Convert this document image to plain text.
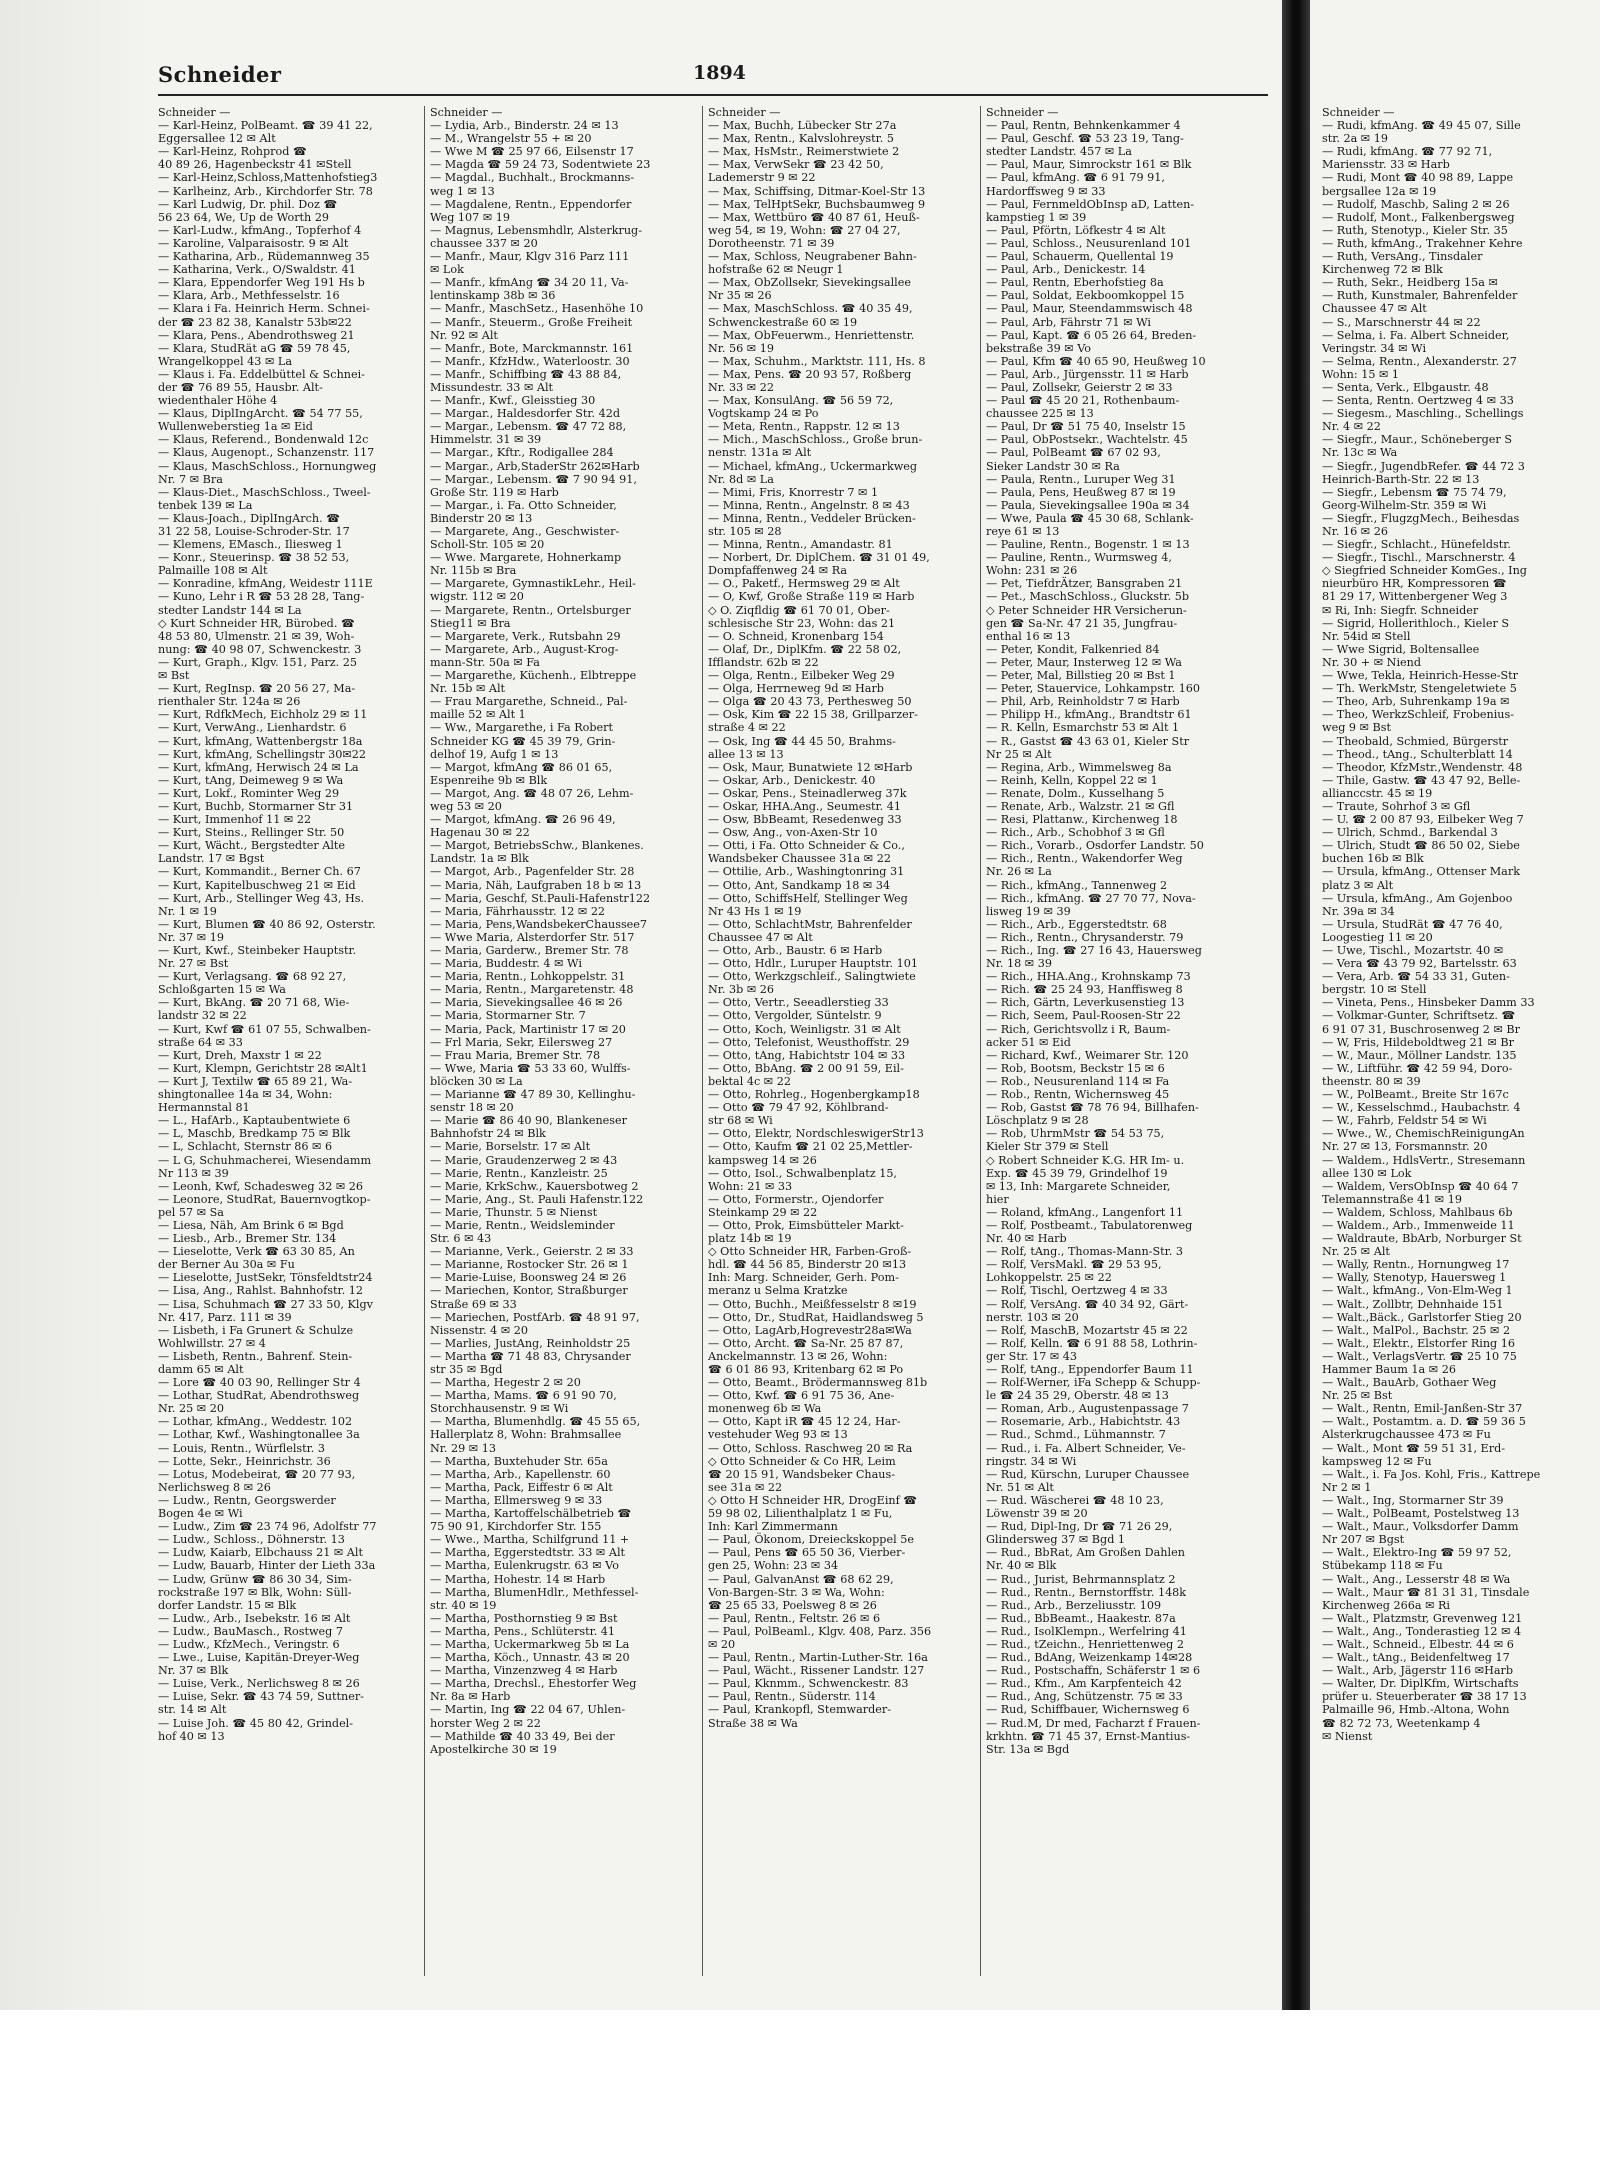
Schneider	1894
Schneider —
— Karl-Heinz, PolBeamt. ☎ 39 41 22,
Eggersallee 12 ✉ Alt
— Karl-Heinz, Rohprod ☎
40 89 26, Hagenbeckstr 41 ✉Stell
— Karl-Heinz,Schloss,Mattenhofstieg3
— Karlheinz, Arb., Kirchdorfer Str. 78
— Karl Ludwig, Dr. phil. Doz ☎
56 23 64, We, Up de Worth 29
— Karl-Ludw., kfmAng., Topferhof 4
— Karoline, Valparaisostr. 9 ✉ Alt
— Katharina, Arb., Rüdemannweg 35
— Katharina, Verk., O/Swaldstr. 41
— Klara, Eppendorfer Weg 191 Hs b
— Klara, Arb., Methfesselstr. 16
— Klara i Fa. Heinrich Herm. Schnei-
der ☎ 23 82 38, Kanalstr 53b✉22
— Klara, Pens., Abendrothsweg 21
— Klara, StudRät aG ☎ 59 78 45,
Wrangelkoppel 43 ✉ La
— Klaus i. Fa. Eddelbüttel & Schnei-
der ☎ 76 89 55, Hausbr. Alt-
wiedenthaler Höhe 4
— Klaus, DiplIngArcht. ☎ 54 77 55,
Wullenweberstieg 1a ✉ Eid
— Klaus, Referend., Bondenwald 12c
— Klaus, Augenopt., Schanzenstr. 117
— Klaus, MaschSchloss., Hornungweg
Nr. 7 ✉ Bra
— Klaus-Diet., MaschSchloss., Tweel-
tenbek 139 ✉ La
— Klaus-Joach., DiplIngArch. ☎
31 22 58, Louise-Schroder-Str. 17
— Klemens, EMasch., Iliesweg 1
— Konr., Steuerinsp. ☎ 38 52 53,
Palmaille 108 ✉ Alt
— Konradine, kfmAng, Weidestr 111E
— Kuno, Lehr i R ☎ 53 28 28, Tang-
stedter Landstr 144 ✉ La
◇ Kurt Schneider HR, Bürobed. ☎
48 53 80, Ulmenstr. 21 ✉ 39, Woh-
nung: ☎ 40 98 07, Schwenckestr. 3
— Kurt, Graph., Klgv. 151, Parz. 25
✉ Bst
— Kurt, RegInsp. ☎ 20 56 27, Ma-
rienthaler Str. 124a ✉ 26
— Kurt, RdfkMech, Eichholz 29 ✉ 11
— Kurt, VerwAng., Lienhardstr. 6
— Kurt, kfmAng, Wattenbergstr 18a
— Kurt, kfmAng, Schellingstr 30✉22
— Kurt, kfmAng, Herwisch 24 ✉ La
— Kurt, tAng, Deimeweg 9 ✉ Wa
— Kurt, Lokf., Rominter Weg 29
— Kurt, Buchb, Stormarner Str 31
— Kurt, Immenhof 11 ✉ 22
— Kurt, Steins., Rellinger Str. 50
— Kurt, Wächt., Bergstedter Alte
Landstr. 17 ✉ Bgst
— Kurt, Kommandit., Berner Ch. 67
— Kurt, Kapitelbuschweg 21 ✉ Eid
— Kurt, Arb., Stellinger Weg 43, Hs.
Nr. 1 ✉ 19
— Kurt, Blumen ☎ 40 86 92, Osterstr.
Nr. 37 ✉ 19
— Kurt, Kwf., Steinbeker Hauptstr.
Nr. 27 ✉ Bst
— Kurt, Verlagsang. ☎ 68 92 27,
Schloßgarten 15 ✉ Wa
— Kurt, BkAng. ☎ 20 71 68, Wie-
landstr 32 ✉ 22
— Kurt, Kwf ☎ 61 07 55, Schwalben-
straße 64 ✉ 33
— Kurt, Dreh, Maxstr 1 ✉ 22
— Kurt, Klempn, Gerichtstr 28 ✉Alt1
— Kurt J, Textilw ☎ 65 89 21, Wa-
shingtonallee 14a ✉ 34, Wohn:
Hermannstal 81
— L., HafArb., Kaptaubentwiete 6
— L, Maschb, Bredkamp 75 ✉ Blk
— L, Schlacht, Sternstr 86 ✉ 6
— L G, Schuhmacherei, Wiesendamm
Nr 113 ✉ 39
— Leonh, Kwf, Schadesweg 32 ✉ 26
— Leonore, StudRat, Bauernvogtkop-
pel 57 ✉ Sa
— Liesa, Näh, Am Brink 6 ✉ Bgd
— Liesb., Arb., Bremer Str. 134
— Lieselotte, Verk ☎ 63 30 85, An
der Berner Au 30a ✉ Fu
— Lieselotte, JustSekr, Tönsfeldtstr24
— Lisa, Ang., Rahlst. Bahnhofstr. 12
— Lisa, Schuhmach ☎ 27 33 50, Klgv
Nr. 417, Parz. 111 ✉ 39
— Lisbeth, i Fa Grunert & Schulze
Wohlwillstr. 27 ✉ 4
— Lisbeth, Rentn., Bahrenf. Stein-
damm 65 ✉ Alt
— Lore ☎ 40 03 90, Rellinger Str 4
— Lothar, StudRat, Abendrothsweg
Nr. 25 ✉ 20
— Lothar, kfmAng., Weddestr. 102
— Lothar, Kwf., Washingtonallee 3a
— Louis, Rentn., Würflelstr. 3
— Lotte, Sekr., Heinrichstr. 36
— Lotus, Modebeirat, ☎ 20 77 93,
Nerlichsweg 8 ✉ 26
— Ludw., Rentn, Georgswerder
Bogen 4e ✉ Wi
— Ludw., Zim ☎ 23 74 96, Adolfstr 77
— Ludw., Schloss., Döhnerstr. 13
— Ludw, Kaiarb, Elbchauss 21 ✉ Alt
— Ludw, Bauarb, Hinter der Lieth 33a
— Ludw, Grünw ☎ 86 30 34, Sim-
rockstraße 197 ✉ Blk, Wohn: Süll-
dorfer Landstr. 15 ✉ Blk
— Ludw., Arb., Isebekstr. 16 ✉ Alt
— Ludw., BauMasch., Rostweg 7
— Ludw., KfzMech., Veringstr. 6
— Lwe., Luise, Kapitän-Dreyer-Weg
Nr. 37 ✉ Blk
— Luise, Verk., Nerlichsweg 8 ✉ 26
— Luise, Sekr. ☎ 43 74 59, Suttner-
str. 14 ✉ Alt
— Luise Joh. ☎ 45 80 42, Grindel-
hof 40 ✉ 13
Schneider —
— Lydia, Arb., Binderstr. 24 ✉ 13
— M., Wrangelstr 55 + ✉ 20
— Wwe M ☎ 25 97 66, Eilsenstr 17
— Magda ☎ 59 24 73, Sodentwiete 23
— Magdal., Buchhalt., Brockmanns-
weg 1 ✉ 13
— Magdalene, Rentn., Eppendorfer
Weg 107 ✉ 19
— Magnus, Lebensmhdlr, Alsterkrug-
chaussee 337 ✉ 20
— Manfr., Maur, Klgv 316 Parz 111
✉ Lok
— Manfr., kfmAng ☎ 34 20 11, Va-
lentinskamp 38b ✉ 36
— Manfr., MaschSetz., Hasenhöhe 10
— Manfr., Steuerm., Große Freiheit
Nr. 92 ✉ Alt
— Manfr., Bote, Marckmannstr. 161
— Manfr., KfzHdw., Waterloostr. 30
— Manfr., Schiffbing ☎ 43 88 84,
Missundestr. 33 ✉ Alt
— Manfr., Kwf., Gleisstieg 30
— Margar., Haldesdorfer Str. 42d
— Margar., Lebensm. ☎ 47 72 88,
Himmelstr. 31 ✉ 39
— Margar., Kftr., Rodigallee 284
— Margar., Arb,StaderStr 262✉Harb
— Margar., Lebensm. ☎ 7 90 94 91,
Große Str. 119 ✉ Harb
— Margar., i. Fa. Otto Schneider,
Binderstr 20 ✉ 13
— Margarete, Ang., Geschwister-
Scholl-Str. 105 ✉ 20
— Wwe. Margarete, Hohnerkamp
Nr. 115b ✉ Bra
— Margarete, GymnastikLehr., Heil-
wigstr. 112 ✉ 20
— Margarete, Rentn., Ortelsburger
Stieg11 ✉ Bra
— Margarete, Verk., Rutsbahn 29
— Margarete, Arb., August-Krog-
mann-Str. 50a ✉ Fa
— Margarethe, Küchenh., Elbtreppe
Nr. 15b ✉ Alt
— Frau Margarethe, Schneid., Pal-
maille 52 ✉ Alt 1
— Ww., Margarethe, i Fa Robert
Schneider KG ☎ 45 39 79, Grin-
delhof 19, Aufg 1 ✉ 13
— Margot, kfmAng ☎ 86 01 65,
Espenreihe 9b ✉ Blk
— Margot, Ang. ☎ 48 07 26, Lehm-
weg 53 ✉ 20
— Margot, kfmAng. ☎ 26 96 49,
Hagenau 30 ✉ 22
— Margot, BetriebsSchw., Blankenes.
Landstr. 1a ✉ Blk
— Margot, Arb., Pagenfelder Str. 28
— Maria, Näh, Laufgraben 18 b ✉ 13
— Maria, Geschf, St.Pauli-Hafenstr122
— Maria, Fährhausstr. 12 ✉ 22
— Maria, Pens,WandsbekerChaussee7
— Wwe Maria, Alsterdorfer Str. 517
— Maria, Garderw., Bremer Str. 78
— Maria, Buddestr. 4 ✉ Wi
— Maria, Rentn., Lohkoppelstr. 31
— Maria, Rentn., Margaretenstr. 48
— Maria, Sievekingsallee 46 ✉ 26
— Maria, Stormarner Str. 7
— Maria, Pack, Martinistr 17 ✉ 20
— Frl Maria, Sekr, Eilersweg 27
— Frau Maria, Bremer Str. 78
— Wwe, Maria ☎ 53 33 60, Wulffs-
blöcken 30 ✉ La
— Marianne ☎ 47 89 30, Kellinghu-
senstr 18 ✉ 20
— Marie ☎ 86 40 90, Blankeneser
Bahnhofstr 24 ✉ Blk
— Marie, Borselstr. 17 ✉ Alt
— Marie, Graudenzerweg 2 ✉ 43
— Marie, Rentn., Kanzleistr. 25
— Marie, KrkSchw., Kauersbotweg 2
— Marie, Ang., St. Pauli Hafenstr.122
— Marie, Thunstr. 5 ✉ Nienst
— Marie, Rentn., Weidsleminder
Str. 6 ✉ 43
— Marianne, Verk., Geierstr. 2 ✉ 33
— Marianne, Rostocker Str. 26 ✉ 1
— Marie-Luise, Boonsweg 24 ✉ 26
— Mariechen, Kontor, Straßburger
Straße 69 ✉ 33
— Mariechen, PostfArb. ☎ 48 91 97,
Nissenstr. 4 ✉ 20
— Marlies, JustAng, Reinholdstr 25
— Martha ☎ 71 48 83, Chrysander
str 35 ✉ Bgd
— Martha, Hegestr 2 ✉ 20
— Martha, Mams. ☎ 6 91 90 70,
Storchhausenstr. 9 ✉ Wi
— Martha, Blumenhdlg. ☎ 45 55 65,
Hallerplatz 8, Wohn: Brahmsallee
Nr. 29 ✉ 13
— Martha, Buxtehuder Str. 65a
— Martha, Arb., Kapellenstr. 60
— Martha, Pack, Eiffestr 6 ✉ Alt
— Martha, Ellmersweg 9 ✉ 33
— Martha, Kartoffelschälbetrieb ☎
75 90 91, Kirchdorfer Str. 155
— Wwe., Martha, Schilfgrund 11 +
— Martha, Eggerstedtstr. 33 ✉ Alt
— Martha, Eulenkrugstr. 63 ✉ Vo
— Martha, Hohestr. 14 ✉ Harb
— Martha, BlumenHdlr., Methfessel-
str. 40 ✉ 19
— Martha, Posthornstieg 9 ✉ Bst
— Martha, Pens., Schlüterstr. 41
— Martha, Uckermarkweg 5b ✉ La
— Martha, Köch., Unnastr. 43 ✉ 20
— Martha, Vinzenzweg 4 ✉ Harb
— Martha, Drechsl., Ehestorfer Weg
Nr. 8a ✉ Harb
— Martin, Ing ☎ 22 04 67, Uhlen-
horster Weg 2 ✉ 22
— Mathilde ☎ 40 33 49, Bei der
Apostelkirche 30 ✉ 19
Schneider —
— Max, Buchh, Lübecker Str 27a
— Max, Rentn., Kalvslohreystr. 5
— Max, HsMstr., Reimerstwiete 2
— Max, VerwSekr ☎ 23 42 50,
Lademerstr 9 ✉ 22
— Max, Schiffsing, Ditmar-Koel-Str 13
— Max, TelHptSekr, Buchsbaumweg 9
— Max, Wettbüro ☎ 40 87 61, Heuß-
weg 54, ✉ 19, Wohn: ☎ 27 04 27,
Dorotheenstr. 71 ✉ 39
— Max, Schloss, Neugrabener Bahn-
hofstraße 62 ✉ Neugr 1
— Max, ObZollsekr, Sievekingsallee
Nr 35 ✉ 26
— Max, MaschSchloss. ☎ 40 35 49,
Schwenckestraße 60 ✉ 19
— Max, ObFeuerwm., Henriettenstr.
Nr. 56 ✉ 19
— Max, Schuhm., Marktstr. 111, Hs. 8
— Max, Pens. ☎ 20 93 57, Roßberg
Nr. 33 ✉ 22
— Max, KonsulAng. ☎ 56 59 72,
Vogtskamp 24 ✉ Po
— Meta, Rentn., Rappstr. 12 ✉ 13
— Mich., MaschSchloss., Große brun-
nenstr. 131a ✉ Alt
— Michael, kfmAng., Uckermarkweg
Nr. 8d ✉ La
— Mimi, Fris, Knorrestr 7 ✉ 1
— Minna, Rentn., Angelnstr. 8 ✉ 43
— Minna, Rentn., Veddeler Brücken-
str. 105 ✉ 28
— Minna, Rentn., Amandastr. 81
— Norbert, Dr. DiplChem. ☎ 31 01 49,
Dompfaffenweg 24 ✉ Ra
— O., Paketf., Hermsweg 29 ✉ Alt
— O, Kwf, Große Straße 119 ✉ Harb
◇ O. Ziqfldig ☎ 61 70 01, Ober-
schlesische Str 23, Wohn: das 21
— O. Schneid, Kronenbarg 154
— Olaf, Dr., DiplKfm. ☎ 22 58 02,
Ifflandstr. 62b ✉ 22
— Olga, Rentn., Eilbeker Weg 29
— Olga, Herrneweg 9d ✉ Harb
— Olga ☎ 20 43 73, Perthesweg 50
— Osk, Kim ☎ 22 15 38, Grillparzer-
straße 4 ✉ 22
— Osk, Ing ☎ 44 45 50, Brahms-
allee 13 ✉ 13
— Osk, Maur, Bunatwiete 12 ✉Harb
— Oskar, Arb., Denickestr. 40
— Oskar, Pens., Steinadlerweg 37k
— Oskar, HHA.Ang., Seumestr. 41
— Osw, BbBeamt, Resedenweg 33
— Osw, Ang., von-Axen-Str 10
— Otti, i Fa. Otto Schneider & Co.,
Wandsbeker Chaussee 31a ✉ 22
— Ottilie, Arb., Washingtonring 31
— Otto, Ant, Sandkamp 18 ✉ 34
— Otto, SchiffsHelf, Stellinger Weg
Nr 43 Hs 1 ✉ 19
— Otto, SchlachtMstr, Bahrenfelder
Chaussee 47 ✉ Alt
— Otto, Arb., Baustr. 6 ✉ Harb
— Otto, Hdlr., Luruper Hauptstr. 101
— Otto, Werkzgschleif., Salingtwiete
Nr. 3b ✉ 26
— Otto, Vertr., Seeadlerstieg 33
— Otto, Vergolder, Süntelstr. 9
— Otto, Koch, Weinligstr. 31 ✉ Alt
— Otto, Telefonist, Weusthoffstr. 29
— Otto, tAng, Habichtstr 104 ✉ 33
— Otto, BbAng. ☎ 2 00 91 59, Eil-
bektal 4c ✉ 22
— Otto, Rohrleg., Hogenbergkamp18
— Otto ☎ 79 47 92, Köhlbrand-
str 68 ✉ Wi
— Otto, Elektr, NordschleswigerStr13
— Otto, Kaufm ☎ 21 02 25,Mettler-
kampsweg 14 ✉ 26
— Otto, Isol., Schwalbenplatz 15,
Wohn: 21 ✉ 33
— Otto, Formerstr., Ojendorfer
Steinkamp 29 ✉ 22
— Otto, Prok, Eimsbütteler Markt-
platz 14b ✉ 19
◇ Otto Schneider HR, Farben-Groß-
hdl. ☎ 44 56 85, Binderstr 20 ✉13
Inh: Marg. Schneider, Gerh. Pom-
meranz u Selma Kratzke
— Otto, Buchh., Meißfesselstr 8 ✉19
— Otto, Dr., StudRat, Haidlandsweg 5
— Otto, LagArb,Hogrevestr28a✉Wa
— Otto, Archt. ☎ Sa-Nr. 25 87 87,
Anckelmannstr. 13 ✉ 26, Wohn:
☎ 6 01 86 93, Kritenbarg 62 ✉ Po
— Otto, Beamt., Brödermannsweg 81b
— Otto, Kwf. ☎ 6 91 75 36, Ane-
monenweg 6b ✉ Wa
— Otto, Kapt iR ☎ 45 12 24, Har-
vestehuder Weg 93 ✉ 13
— Otto, Schloss. Raschweg 20 ✉ Ra
◇ Otto Schneider & Co HR, Leim
☎ 20 15 91, Wandsbeker Chaus-
see 31a ✉ 22
◇ Otto H Schneider HR, DrogEinf ☎
59 98 02, Lilienthalplatz 1 ✉ Fu,
Inh: Karl Zimmermann
— Paul, Ökonom, Dreieckskoppel 5e
— Paul, Pens ☎ 65 50 36, Vierber-
gen 25, Wohn: 23 ✉ 34
— Paul, GalvanAnst ☎ 68 62 29,
Von-Bargen-Str. 3 ✉ Wa, Wohn:
☎ 25 65 33, Poelsweg 8 ✉ 26
— Paul, Rentn., Feltstr. 26 ✉ 6
— Paul, PolBeaml., Klgv. 408, Parz. 356
✉ 20
— Paul, Rentn., Martin-Luther-Str. 16a
— Paul, Wächt., Rissener Landstr. 127
— Paul, Kknmm., Schwenckestr. 83
— Paul, Rentn., Süderstr. 114
— Paul, Krankopfl, Stemwarder-
Straße 38 ✉ Wa
Schneider —
— Paul, Rentn, Behnkenkammer 4
— Paul, Geschf. ☎ 53 23 19, Tang-
stedter Landstr. 457 ✉ La
— Paul, Maur, Simrockstr 161 ✉ Blk
— Paul, kfmAng. ☎ 6 91 79 91,
Hardorffsweg 9 ✉ 33
— Paul, FernmeldObInsp aD, Latten-
kampstieg 1 ✉ 39
— Paul, Pförtn, Löfkestr 4 ✉ Alt
— Paul, Schloss., Neusurenland 101
— Paul, Schauerm, Quellental 19
— Paul, Arb., Denickestr. 14
— Paul, Rentn, Eberhofstieg 8a
— Paul, Soldat, Eekboomkoppel 15
— Paul, Maur, Steendammswisch 48
— Paul, Arb, Fährstr 71 ✉ Wi
— Paul, Kapt. ☎ 6 05 26 64, Breden-
bekstraße 39 ✉ Vo
— Paul, Kfm ☎ 40 65 90, Heußweg 10
— Paul, Arb., Jürgensstr. 11 ✉ Harb
— Paul, Zollsekr, Geierstr 2 ✉ 33
— Paul ☎ 45 20 21, Rothenbaum-
chaussee 225 ✉ 13
— Paul, Dr ☎ 51 75 40, Inselstr 15
— Paul, ObPostsekr., Wachtelstr. 45
— Paul, PolBeamt ☎ 67 02 93,
Sieker Landstr 30 ✉ Ra
— Paula, Rentn., Luruper Weg 31
— Paula, Pens, Heußweg 87 ✉ 19
— Paula, Sievekingsallee 190a ✉ 34
— Wwe, Paula ☎ 45 30 68, Schlank-
reye 61 ✉ 13
— Pauline, Rentn., Bogenstr. 1 ✉ 13
— Pauline, Rentn., Wurmsweg 4,
Wohn: 231 ✉ 26
— Pet, TiefdrÄtzer, Bansgraben 21
— Pet., MaschSchloss., Gluckstr. 5b
◇ Peter Schneider HR Versicherun-
gen ☎ Sa-Nr. 47 21 35, Jungfrau-
enthal 16 ✉ 13
— Peter, Kondit, Falkenried 84
— Peter, Maur, Insterweg 12 ✉ Wa
— Peter, Mal, Billstieg 20 ✉ Bst 1
— Peter, Stauervice, Lohkampstr. 160
— Phil, Arb, Reinholdstr 7 ✉ Harb
— Philipp H., kfmAng., Brandtstr 61
— R. Kelln, Esmarchstr 53 ✉ Alt 1
— R., Gastst ☎ 43 63 01, Kieler Str
Nr 25 ✉ Alt
— Regina, Arb., Wimmelsweg 8a
— Reinh, Kelln, Koppel 22 ✉ 1
— Renate, Dolm., Kusselhang 5
— Renate, Arb., Walzstr. 21 ✉ Gfl
— Resi, Plattanw., Kirchenweg 18
— Rich., Arb., Schobhof 3 ✉ Gfl
— Rich., Vorarb., Osdorfer Landstr. 50
— Rich., Rentn., Wakendorfer Weg
Nr. 26 ✉ La
— Rich., kfmAng., Tannenweg 2
— Rich., kfmAng. ☎ 27 70 77, Nova-
lisweg 19 ✉ 39
— Rich., Arb., Eggerstedtstr. 68
— Rich., Rentn., Chrysanderstr. 79
— Rich., Ing. ☎ 27 16 43, Hauersweg
Nr. 18 ✉ 39
— Rich., HHA.Ang., Krohnskamp 73
— Rich. ☎ 25 24 93, Hanffisweg 8
— Rich, Gärtn, Leverkusenstieg 13
— Rich, Seem, Paul-Roosen-Str 22
— Rich, Gerichtsvollz i R, Baum-
acker 51 ✉ Eid
— Richard, Kwf., Weimarer Str. 120
— Rob, Bootsm, Beckstr 15 ✉ 6
— Rob., Neusurenland 114 ✉ Fa
— Rob., Rentn, Wichernsweg 45
— Rob, Gastst ☎ 78 76 94, Billhafen-
Löschplatz 9 ✉ 28
— Rob, UhrmMstr ☎ 54 53 75,
Kieler Str 379 ✉ Stell
◇ Robert Schneider K.G. HR Im- u.
Exp. ☎ 45 39 79, Grindelhof 19
✉ 13, Inh: Margarete Schneider,
hier
— Roland, kfmAng., Langenfort 11
— Rolf, Postbeamt., Tabulatorenweg
Nr. 40 ✉ Harb
— Rolf, tAng., Thomas-Mann-Str. 3
— Rolf, VersMakl. ☎ 29 53 95,
Lohkoppelstr. 25 ✉ 22
— Rolf, Tischl, Oertzweg 4 ✉ 33
— Rolf, VersAng. ☎ 40 34 92, Gärt-
nerstr. 103 ✉ 20
— Rolf, MaschB, Mozartstr 45 ✉ 22
— Rolf, Kelln. ☎ 6 91 88 58, Lothrin-
ger Str. 17 ✉ 43
— Rolf, tAng., Eppendorfer Baum 11
— Rolf-Werner, iFa Schepp & Schupp-
le ☎ 24 35 29, Oberstr. 48 ✉ 13
— Roman, Arb., Augustenpassage 7
— Rosemarie, Arb., Habichtstr. 43
— Rud., Schmd., Lühmannstr. 7
— Rud., i. Fa. Albert Schneider, Ve-
ringstr. 34 ✉ Wi
— Rud, Kürschn, Luruper Chaussee
Nr. 51 ✉ Alt
— Rud. Wäscherei ☎ 48 10 23,
Löwenstr 39 ✉ 20
— Rud, Dipl-Ing, Dr ☎ 71 26 29,
Glindersweg 37 ✉ Bgd 1
— Rud., BbRat, Am Großen Dahlen
Nr. 40 ✉ Blk
— Rud., Jurist, Behrmannsplatz 2
— Rud., Rentn., Bernstorffstr. 148k
— Rud., Arb., Berzeliusstr. 109
— Rud., BbBeamt., Haakestr. 87a
— Rud., IsolKlempn., Werfelring 41
— Rud., tZeichn., Henriettenweg 2
— Rud., BdAng, Weizenkamp 14✉28
— Rud., Postschaffn, Schäferstr 1 ✉ 6
— Rud., Kfm., Am Karpfenteich 42
— Rud., Ang, Schützenstr. 75 ✉ 33
— Rud, Schiffbauer, Wichernsweg 6
— Rud.M, Dr med, Facharzt f Frauen-
krkhtn. ☎ 71 45 37, Ernst-Mantius-
Str. 13a ✉ Bgd
Schneider —
— Rudi, kfmAng. ☎ 49 45 07, Sille
str. 2a ✉ 19
— Rudi, kfmAng. ☎ 77 92 71,
Mariensstr. 33 ✉ Harb
— Rudi, Mont ☎ 40 98 89, Lappe
bergsallee 12a ✉ 19
— Rudolf, Maschb, Saling 2 ✉ 26
— Rudolf, Mont., Falkenbergsweg
— Ruth, Stenotyp., Kieler Str. 35
— Ruth, kfmAng., Trakehner Kehre
— Ruth, VersAng., Tinsdaler
Kirchenweg 72 ✉ Blk
— Ruth, Sekr., Heidberg 15a ✉
— Ruth, Kunstmaler, Bahrenfelder
Chaussee 47 ✉ Alt
— S., Marschnerstr 44 ✉ 22
— Selma, i. Fa. Albert Schneider,
Veringstr. 34 ✉ Wi
— Selma, Rentn., Alexanderstr. 27
Wohn: 15 ✉ 1
— Senta, Verk., Elbgaustr. 48
— Senta, Rentn. Oertzweg 4 ✉ 33
— Siegesm., Maschling., Schellings
Nr. 4 ✉ 22
— Siegfr., Maur., Schöneberger S
Nr. 13c ✉ Wa
— Siegfr., JugendbRefer. ☎ 44 72 3
Heinrich-Barth-Str. 22 ✉ 13
— Siegfr., Lebensm ☎ 75 74 79,
Georg-Wilhelm-Str. 359 ✉ Wi
— Siegfr., FlugzgMech., Beihesdas
Nr. 16 ✉ 26
— Siegfr., Schlacht., Hünefeldstr.
— Siegfr., Tischl., Marschnerstr. 4
◇ Siegfried Schneider KomGes., Ing
nieurbüro HR, Kompressoren ☎
81 29 17, Wittenbergener Weg 3
✉ Ri, Inh: Siegfr. Schneider
— Sigrid, Hollerithloch., Kieler S
Nr. 54id ✉ Stell
— Wwe Sigrid, Boltensallee
Nr. 30 + ✉ Niend
— Wwe, Tekla, Heinrich-Hesse-Str
— Th. WerkMstr, Stengeletwiete 5
— Theo, Arb, Suhrenkamp 19a ✉
— Theo, WerkzSchleif, Frobenius-
weg 9 ✉ Bst
— Theobald, Schmied, Bürgerstr
— Theod., tAng., Schulterblatt 14
— Theodor, KfzMstr.,Wendenstr. 48
— Thile, Gastw. ☎ 43 47 92, Belle-
allianccstr. 45 ✉ 19
— Traute, Sohrhof 3 ✉ Gfl
— U. ☎ 2 00 87 93, Eilbeker Weg 7
— Ulrich, Schmd., Barkendal 3
— Ulrich, Studt ☎ 86 50 02, Siebe
buchen 16b ✉ Blk
— Ursula, kfmAng., Ottenser Mark
platz 3 ✉ Alt
— Ursula, kfmAng., Am Gojenboo
Nr. 39a ✉ 34
— Ursula, StudRät ☎ 47 76 40,
Loogestieg 11 ✉ 20
— Uwe, Tischl., Mozartstr. 40 ✉
— Vera ☎ 43 79 92, Bartelsstr. 63
— Vera, Arb. ☎ 54 33 31, Guten-
bergstr. 10 ✉ Stell
— Vineta, Pens., Hinsbeker Damm 33
— Volkmar-Gunter, Schriftsetz. ☎
6 91 07 31, Buschrosenweg 2 ✉ Br
— W, Fris, Hildeboldtweg 21 ✉ Br
— W., Maur., Möllner Landstr. 135
— W., Liftführ. ☎ 42 59 94, Doro-
theenstr. 80 ✉ 39
— W., PolBeamt., Breite Str 167c
— W., Kesselschmd., Haubachstr. 4
— W., Fahrb, Feldstr 54 ✉ Wi
— Wwe., W., ChemischReinigungAn
Nr. 27 ✉ 13, Forsmannstr. 20
— Waldem., HdlsVertr., Stresemann
allee 130 ✉ Lok
— Waldem, VersObInsp ☎ 40 64 7
Telemannstraße 41 ✉ 19
— Waldem, Schloss, Mahlbaus 6b
— Waldem., Arb., Immenweide 11
— Waldraute, BbArb, Norburger St
Nr. 25 ✉ Alt
— Wally, Rentn., Hornungweg 17
— Wally, Stenotyp, Hauersweg 1
— Walt., kfmAng., Von-Elm-Weg 1
— Walt., Zollbtr, Dehnhaide 151
— Walt.,Bäck., Garlstorfer Stieg 20
— Walt., MalPol., Bachstr. 25 ✉ 2
— Walt., Elektr., Elstorfer Ring 16
— Walt., VerlagsVertr. ☎ 25 10 75
Hammer Baum 1a ✉ 26
— Walt., BauArb, Gothaer Weg
Nr. 25 ✉ Bst
— Walt., Rentn, Emil-Janßen-Str 37
— Walt., Postamtm. a. D. ☎ 59 36 5
Alsterkrugchaussee 473 ✉ Fu
— Walt., Mont ☎ 59 51 31, Erd-
kampsweg 12 ✉ Fu
— Walt., i. Fa Jos. Kohl, Fris., Kattrepe
Nr 2 ✉ 1
— Walt., Ing, Stormarner Str 39
— Walt., PolBeamt, Postelstweg 13
— Walt., Maur., Volksdorfer Damm
Nr 207 ✉ Bgst
— Walt., Elektro-Ing ☎ 59 97 52,
Stübekamp 118 ✉ Fu
— Walt., Ang., Lesserstr 48 ✉ Wa
— Walt., Maur ☎ 81 31 31, Tinsdale
Kirchenweg 266a ✉ Ri
— Walt., Platzmstr, Grevenweg 121
— Walt., Ang., Tonderastieg 12 ✉ 4
— Walt., Schneid., Elbestr. 44 ✉ 6
— Walt., tAng., Beidenfeltweg 17
— Walt., Arb, Jägerstr 116 ✉Harb
— Walter, Dr. DiplKfm, Wirtschafts
prüfer u. Steuerberater ☎ 38 17 13
Palmaille 96, Hmb.-Altona, Wohn
☎ 82 72 73, Weetenkamp 4
✉ Nienst
